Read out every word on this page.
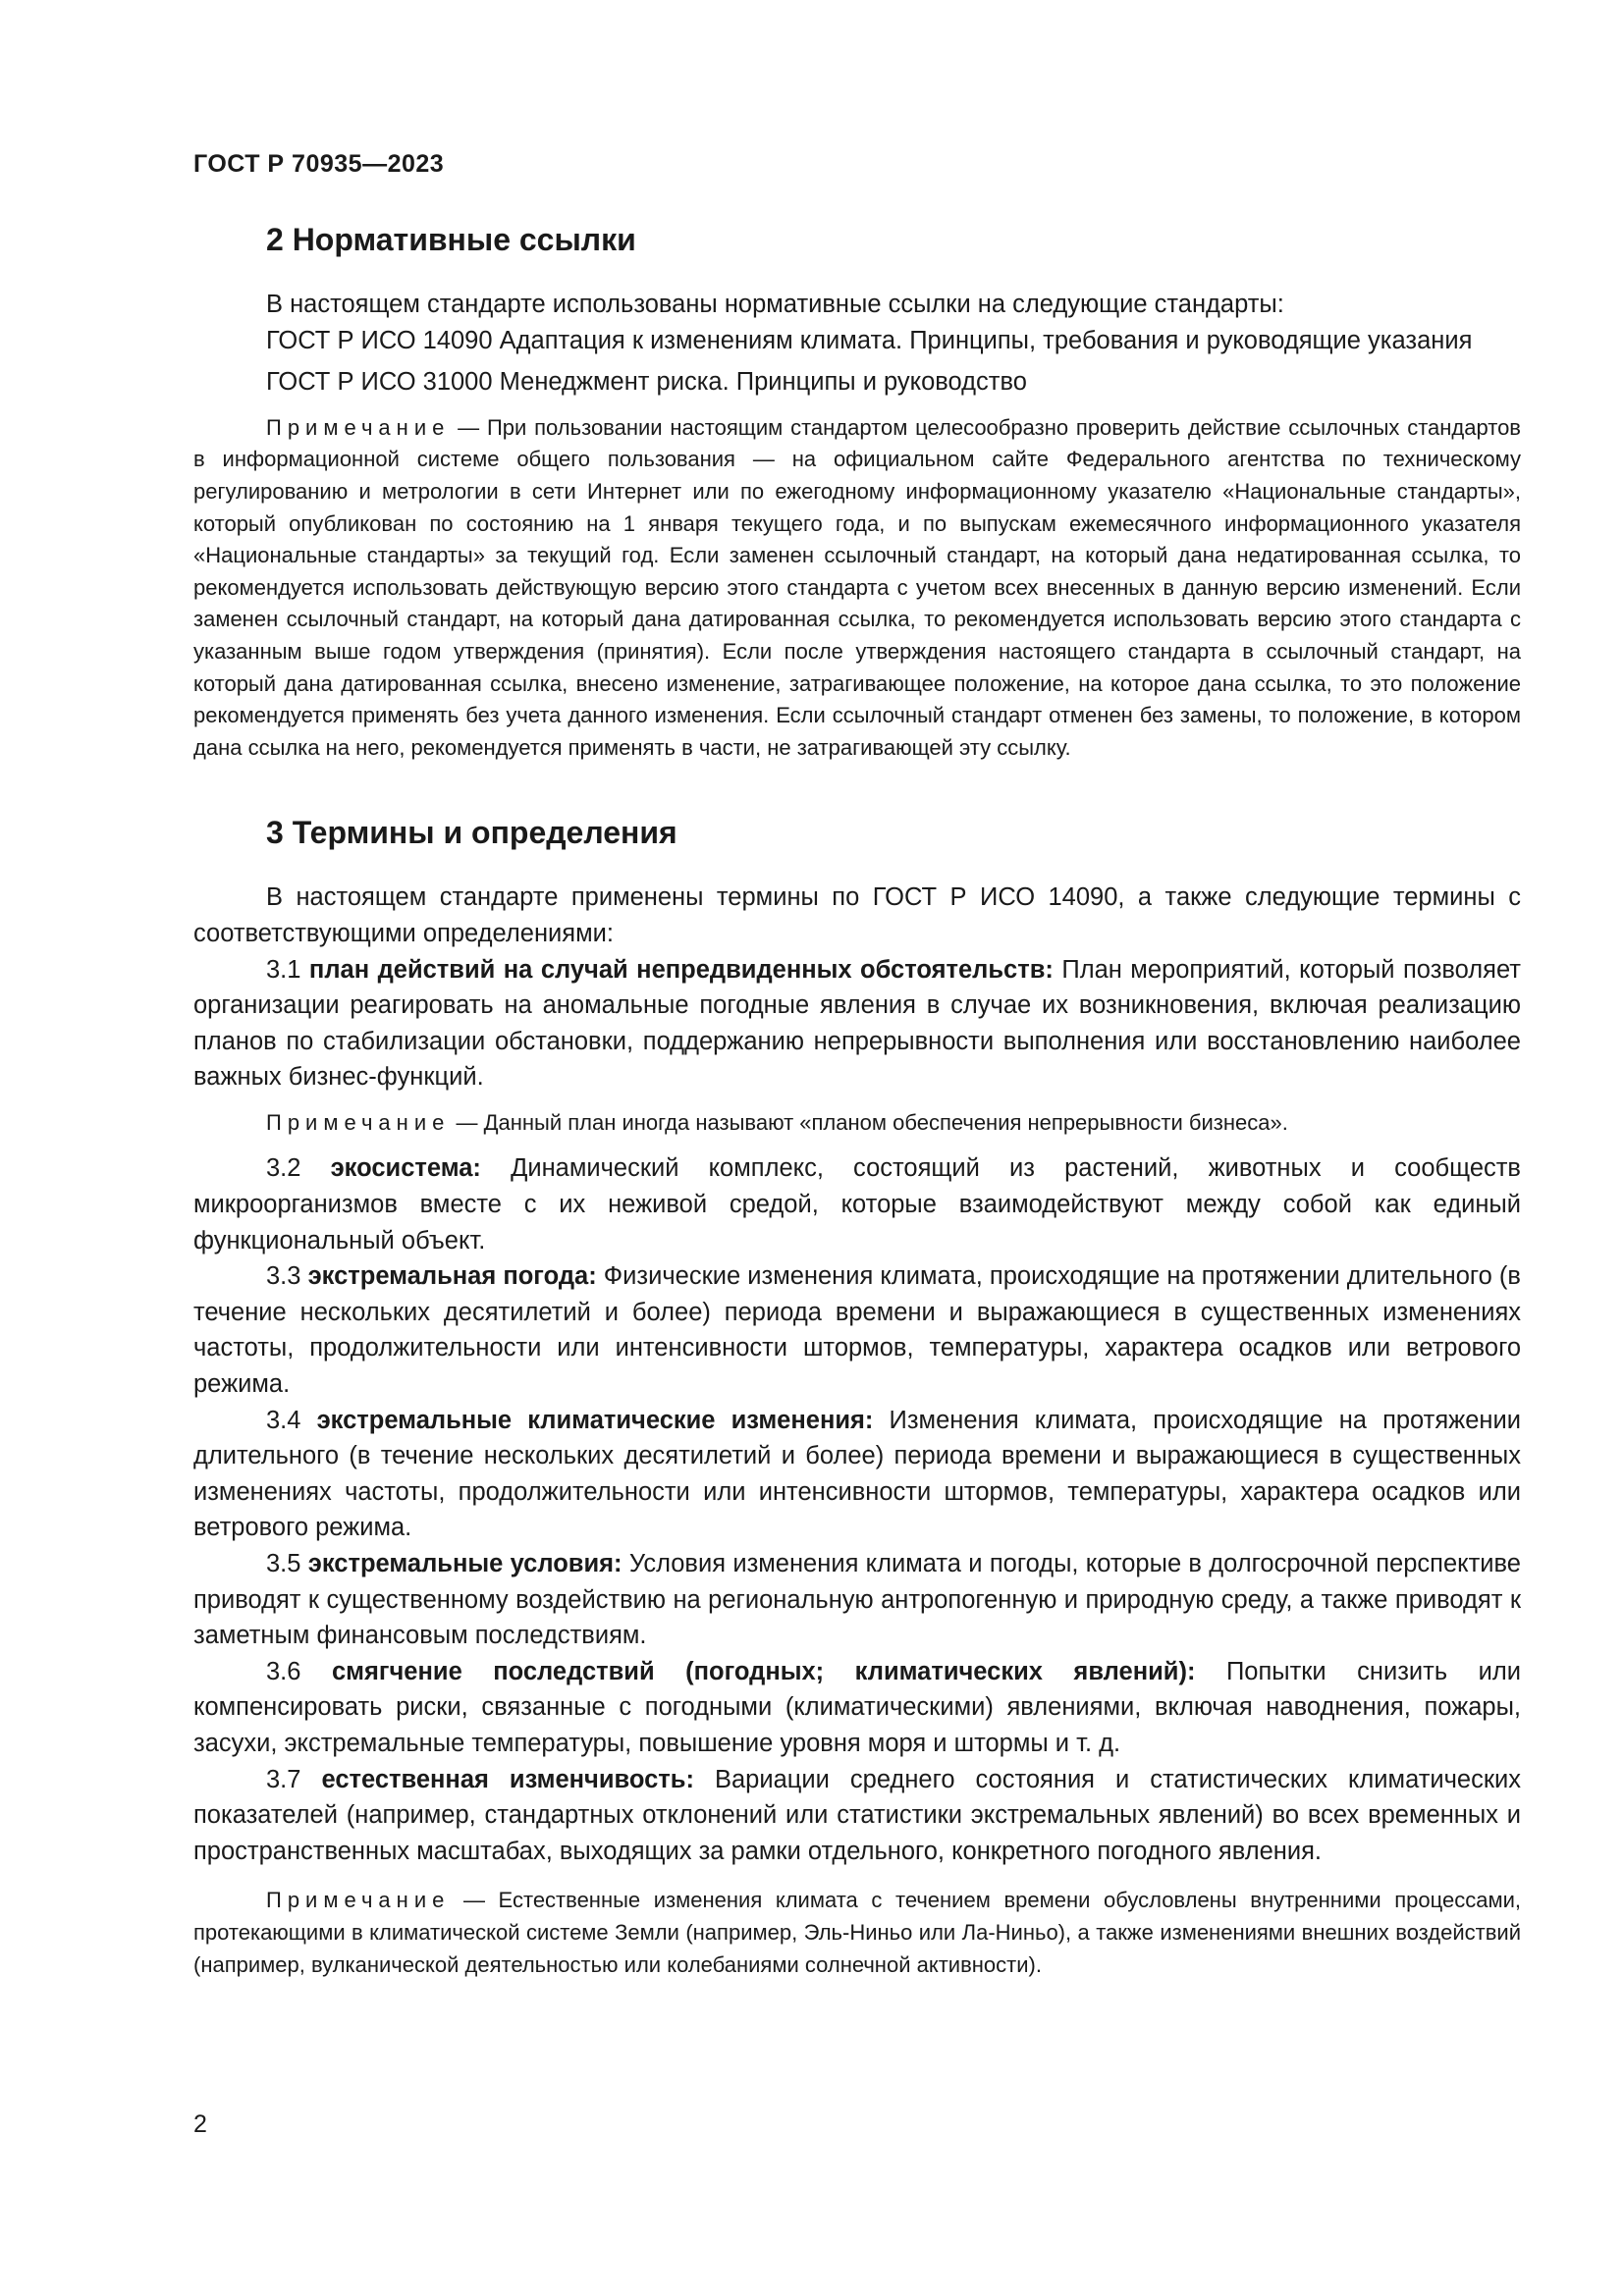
ГОСТ Р 70935—2023
2 Нормативные ссылки

В настоящем стандарте использованы нормативные ссылки на следующие стандарты:

ГОСТ Р ИСО 14090 Адаптация к изменениям климата. Принципы, требования и руководящие указания

ГОСТ Р ИСО 31000 Менеджмент риска. Принципы и руководство

Примечание — При пользовании настоящим стандартом целесообразно проверить действие ссылочных стандартов в информационной системе общего пользования — на официальном сайте Федерального агентства по техническому регулированию и метрологии в сети Интернет или по ежегодному информационному указателю «Национальные стандарты», который опубликован по состоянию на 1 января текущего года, и по выпускам ежемесячного информационного указателя «Национальные стандарты» за текущий год. Если заменен ссылочный стандарт, на который дана недатированная ссылка, то рекомендуется использовать действующую версию этого стандарта с учетом всех внесенных в данную версию изменений. Если заменен ссылочный стандарт, на который дана датированная ссылка, то рекомендуется использовать версию этого стандарта с указанным выше годом утверждения (принятия). Если после утверждения настоящего стандарта в ссылочный стандарт, на который дана датированная ссылка, внесено изменение, затрагивающее положение, на которое дана ссылка, то это положение рекомендуется применять без учета данного изменения. Если ссылочный стандарт отменен без замены, то положение, в котором дана ссылка на него, рекомендуется применять в части, не затрагивающей эту ссылку.

3 Термины и определения

В настоящем стандарте применены термины по ГОСТ Р ИСО 14090, а также следующие термины с соответствующими определениями:

3.1 план действий на случай непредвиденных обстоятельств: План мероприятий, который позволяет организации реагировать на аномальные погодные явления в случае их возникновения, включая реализацию планов по стабилизации обстановки, поддержанию непрерывности выполнения или восстановлению наиболее важных бизнес-функций.

Примечание — Данный план иногда называют «планом обеспечения непрерывности бизнеса».

3.2 экосистема: Динамический комплекс, состоящий из растений, животных и сообществ микроорганизмов вместе с их неживой средой, которые взаимодействуют между собой как единый функциональный объект.

3.3 экстремальная погода: Физические изменения климата, происходящие на протяжении длительного (в течение нескольких десятилетий и более) периода времени и выражающиеся в существенных изменениях частоты, продолжительности или интенсивности штормов, температуры, характера осадков или ветрового режима.

3.4 экстремальные климатические изменения: Изменения климата, происходящие на протяжении длительного (в течение нескольких десятилетий и более) периода времени и выражающиеся в существенных изменениях частоты, продолжительности или интенсивности штормов, температуры, характера осадков или ветрового режима.

3.5 экстремальные условия: Условия изменения климата и погоды, которые в долгосрочной перспективе приводят к существенному воздействию на региональную антропогенную и природную среду, а также приводят к заметным финансовым последствиям.

3.6 смягчение последствий (погодных; климатических явлений): Попытки снизить или компенсировать риски, связанные с погодными (климатическими) явлениями, включая наводнения, пожары, засухи, экстремальные температуры, повышение уровня моря и штормы и т. д.

3.7 естественная изменчивость: Вариации среднего состояния и статистических климатических показателей (например, стандартных отклонений или статистики экстремальных явлений) во всех временных и пространственных масштабах, выходящих за рамки отдельного, конкретного погодного явления.

Примечание — Естественные изменения климата с течением времени обусловлены внутренними процессами, протекающими в климатической системе Земли (например, Эль-Ниньо или Ла-Ниньо), а также изменениями внешних воздействий (например, вулканической деятельностью или колебаниями солнечной активности).

2
